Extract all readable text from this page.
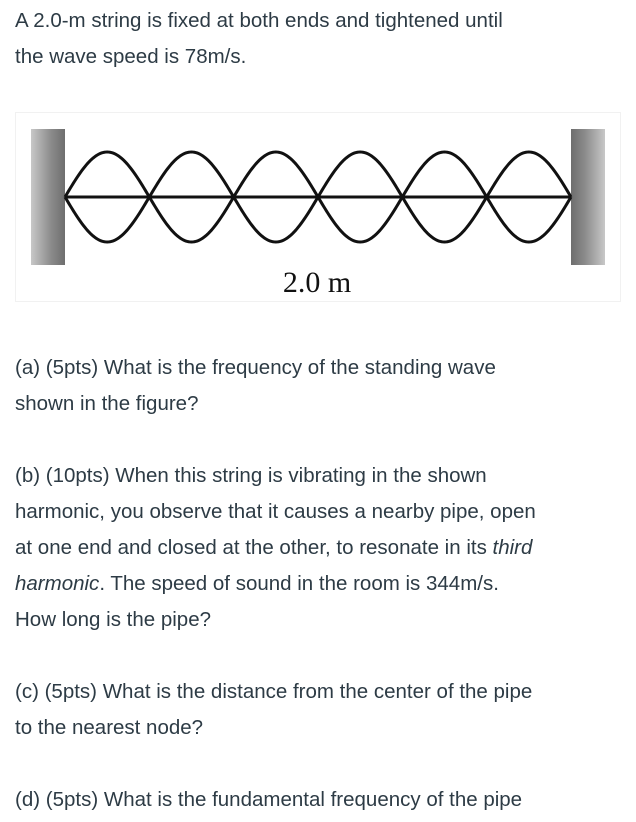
A 2.0-m string is fixed at both ends and tightened until
the wave speed is 78m/s.

2.0 m

(a) (5pts) What is the frequency of the standing wave
shown in the figure?

(b) (10pts) When this string is vibrating in the shown
harmonic, you observe that it causes a nearby pipe, open
at one end and closed at the other, to resonate in its third
harmonic. The speed of sound in the room is 344m/s.
How long is the pipe?

(c) (5pts) What is the distance from the center of the pipe
to the nearest node?

(d) (5pts) What is the fundamental frequency of the pipe
